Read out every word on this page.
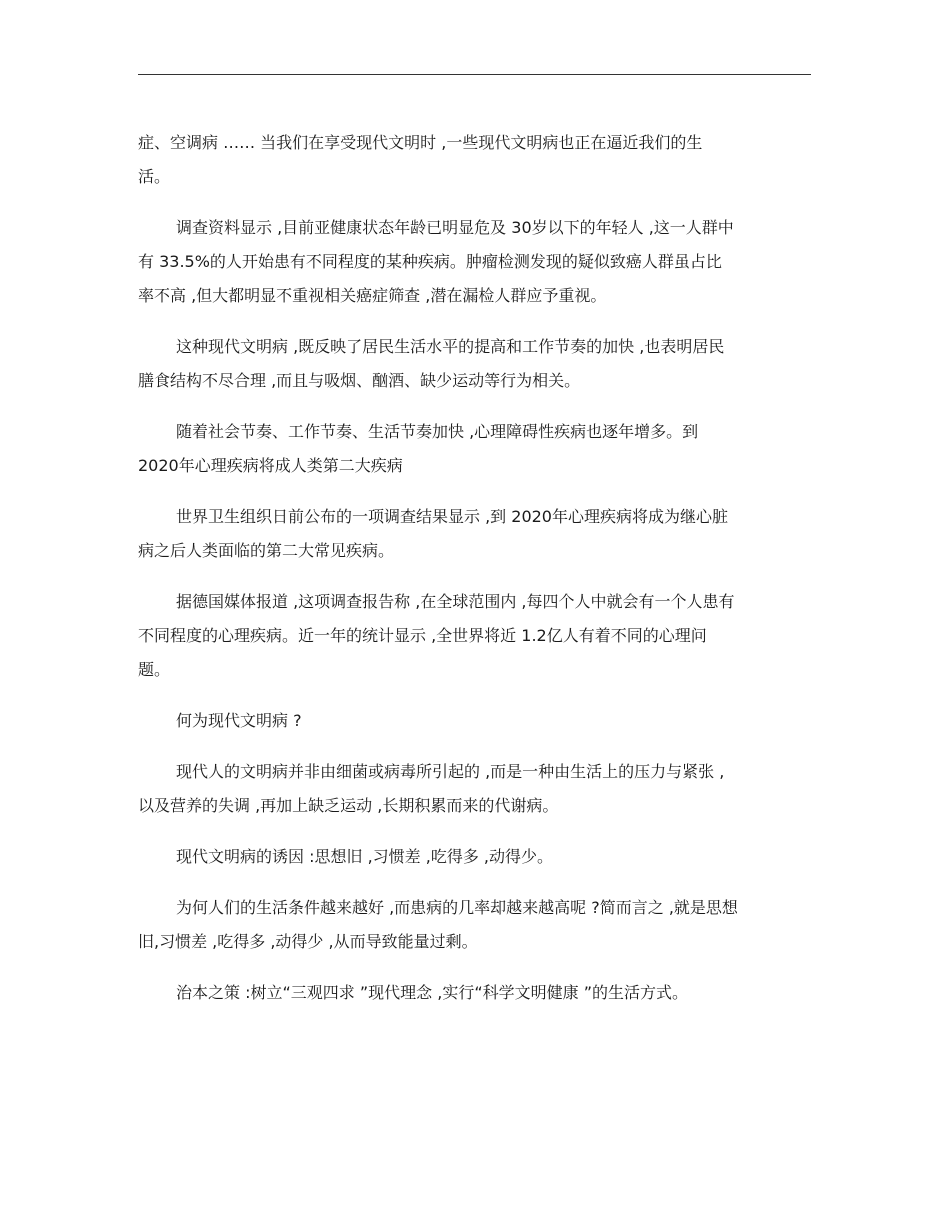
症、空调病 …… 当我们在享受现代文明时 ,一些现代文明病也正在逼近我们的生
活。
调查资料显示 ,目前亚健康状态年龄已明显危及 30岁以下的年轻人 ,这一人群中
有 33.5%的人开始患有不同程度的某种疾病。肿瘤检测发现的疑似致癌人群虽占比
率不高 ,但大都明显不重视相关癌症筛查 ,潜在漏检人群应予重视。
这种现代文明病 ,既反映了居民生活水平的提高和工作节奏的加快 ,也表明居民
膳食结构不尽合理 ,而且与吸烟、酗酒、缺少运动等行为相关。
随着社会节奏、工作节奏、生活节奏加快 ,心理障碍性疾病也逐年增多。到
2020年心理疾病将成人类第二大疾病
世界卫生组织日前公布的一项调查结果显示 ,到 2020年心理疾病将成为继心脏
病之后人类面临的第二大常见疾病。
据德国媒体报道 ,这项调查报告称 ,在全球范围内 ,每四个人中就会有一个人患有
不同程度的心理疾病。近一年的统计显示 ,全世界将近 1.2亿人有着不同的心理问
题。
何为现代文明病 ?
现代人的文明病并非由细菌或病毒所引起的 ,而是一种由生活上的压力与紧张 ,
以及营养的失调 ,再加上缺乏运动 ,长期积累而来的代谢病。
现代文明病的诱因 :思想旧 ,习惯差 ,吃得多 ,动得少。
为何人们的生活条件越来越好 ,而患病的几率却越来越高呢 ?简而言之 ,就是思想
旧,习惯差 ,吃得多 ,动得少 ,从而导致能量过剩。
治本之策 :树立“三观四求 ”现代理念 ,实行“科学文明健康 ”的生活方式。
